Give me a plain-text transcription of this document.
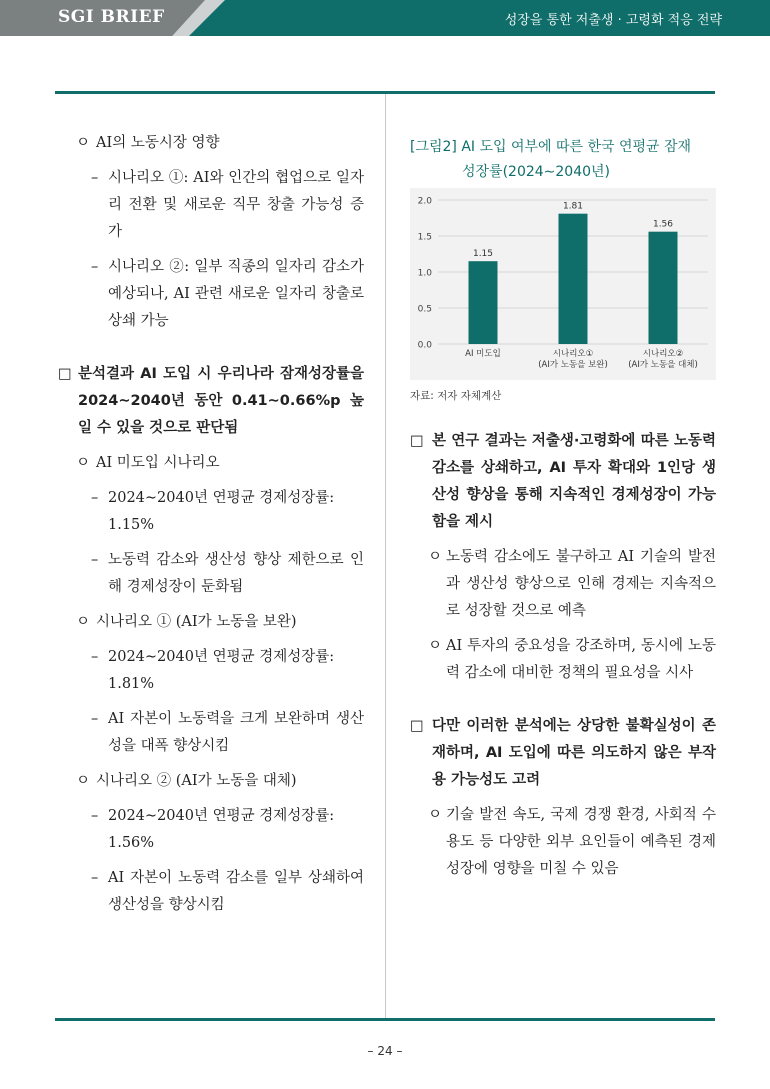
SGI BRIEF	성장을 통한 저출생 · 고령화 적응 전략
ㅇ AI의 노동시장 영향
– 시나리오 ①: AI와 인간의 협업으로 일자리 전환 및 새로운 직무 창출 가능성 증가
– 시나리오 ②: 일부 직종의 일자리 감소가 예상되나, AI 관련 새로운 일자리 창출로 상쇄 가능
□ 분석결과 AI 도입 시 우리나라 잠재성장률을 2024∼2040년 동안 0.41∼0.66%p 높일 수 있을 것으로 판단됨
ㅇ AI 미도입 시나리오
– 2024∼2040년 연평균 경제성장률: 1.15%
– 노동력 감소와 생산성 향상 제한으로 인해 경제성장이 둔화됨
ㅇ 시나리오 ① (AI가 노동을 보완)
– 2024∼2040년 연평균 경제성장률: 1.81%
– AI 자본이 노동력을 크게 보완하며 생산성을 대폭 향상시킴
ㅇ 시나리오 ② (AI가 노동을 대체)
– 2024∼2040년 연평균 경제성장률: 1.56%
– AI 자본이 노동력 감소를 일부 상쇄하여 생산성을 향상시킴
[그림2] AI 도입 여부에 따른 한국 연평균 잠재
성장률(2024∼2040년)
0.0
0.5
1.0
1.5
2.0
1.15
AI 미도입
1.81
시나리오①
(AI가 노동을 보완)
1.56
시나리오②
(AI가 노동을 대체)
자료: 저자 자체계산
□ 본 연구 결과는 저출생·고령화에 따른 노동력 감소를 상쇄하고, AI 투자 확대와 1인당 생산성 향상을 통해 지속적인 경제성장이 가능함을 제시
ㅇ 노동력 감소에도 불구하고 AI 기술의 발전과 생산성 향상으로 인해 경제는 지속적으로 성장할 것으로 예측
ㅇ AI 투자의 중요성을 강조하며, 동시에 노동력 감소에 대비한 정책의 필요성을 시사
□ 다만 이러한 분석에는 상당한 불확실성이 존재하며, AI 도입에 따른 의도하지 않은 부작용 가능성도 고려
ㅇ 기술 발전 속도, 국제 경쟁 환경, 사회적 수용도 등 다양한 외부 요인들이 예측된 경제 성장에 영향을 미칠 수 있음
– 24 –
